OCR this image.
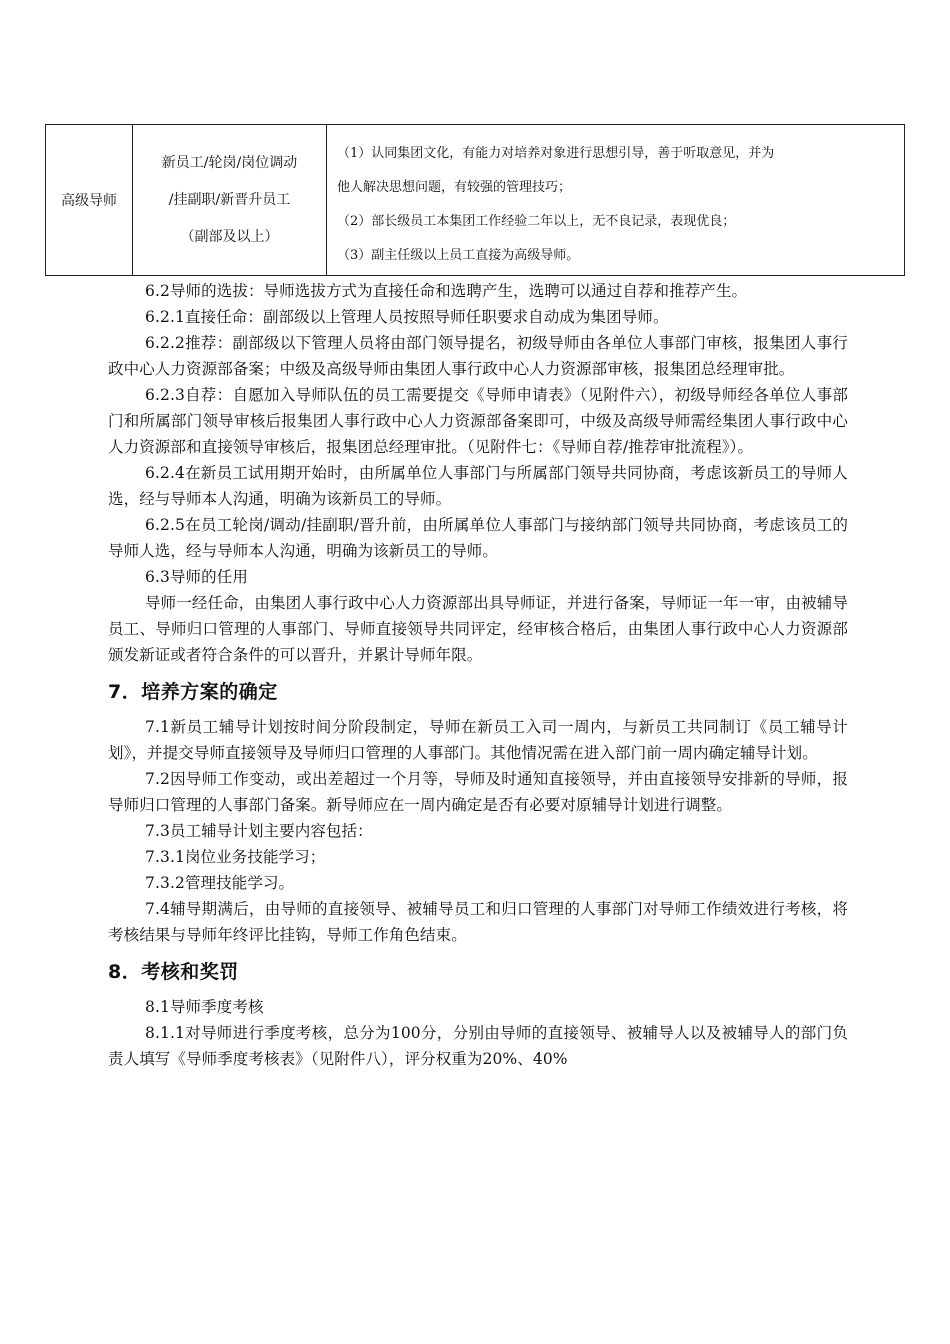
高级导师
新员工/轮岗/岗位调动
/挂副职/新晋升员工
（副部及以上）
（1）认同集团文化，有能力对培养对象进行思想引导，善于听取意见，并为
他人解决思想问题，有较强的管理技巧；
（2）部长级员工本集团工作经验二年以上，无不良记录，表现优良；
（3）副主任级以上员工直接为高级导师。

6.2导师的选拔：导师选拔方式为直接任命和选聘产生，选聘可以通过自荐和推荐产生。

6.2.1直接任命：副部级以上管理人员按照导师任职要求自动成为集团导师。

6.2.2推荐：副部级以下管理人员将由部门领导提名，初级导师由各单位人事部门审核，报集团人事行政中心人力资源部备案；中级及高级导师由集团人事行政中心人力资源部审核，报集团总经理审批。

6.2.3自荐：自愿加入导师队伍的员工需要提交《导师申请表》（见附件六），初级导师经各单位人事部门和所属部门领导审核后报集团人事行政中心人力资源部备案即可，中级及高级导师需经集团人事行政中心人力资源部和直接领导审核后，报集团总经理审批。（见附件七：《导师自荐/推荐审批流程》）。

6.2.4在新员工试用期开始时，由所属单位人事部门与所属部门领导共同协商，考虑该新员工的导师人选，经与导师本人沟通，明确为该新员工的导师。

6.2.5在员工轮岗/调动/挂副职/晋升前，由所属单位人事部门与接纳部门领导共同协商，考虑该员工的导师人选，经与导师本人沟通，明确为该新员工的导师。

6.3导师的任用

导师一经任命，由集团人事行政中心人力资源部出具导师证，并进行备案，导师证一年一审，由被辅导员工、导师归口管理的人事部门、导师直接领导共同评定，经审核合格后，由集团人事行政中心人力资源部颁发新证或者符合条件的可以晋升，并累计导师年限。

7．培养方案的确定

7.1新员工辅导计划按时间分阶段制定，导师在新员工入司一周内，与新员工共同制订《员工辅导计划》，并提交导师直接领导及导师归口管理的人事部门。其他情况需在进入部门前一周内确定辅导计划。

7.2因导师工作变动，或出差超过一个月等，导师及时通知直接领导，并由直接领导安排新的导师，报导师归口管理的人事部门备案。新导师应在一周内确定是否有必要对原辅导计划进行调整。

7.3员工辅导计划主要内容包括：

7.3.1岗位业务技能学习；

7.3.2管理技能学习。

7.4辅导期满后，由导师的直接领导、被辅导员工和归口管理的人事部门对导师工作绩效进行考核，将考核结果与导师年终评比挂钩，导师工作角色结束。

8．考核和奖罚

8.1导师季度考核

8.1.1对导师进行季度考核，总分为100分，分别由导师的直接领导、被辅导人以及被辅导人的部门负责人填写《导师季度考核表》（见附件八），评分权重为20%、40%
